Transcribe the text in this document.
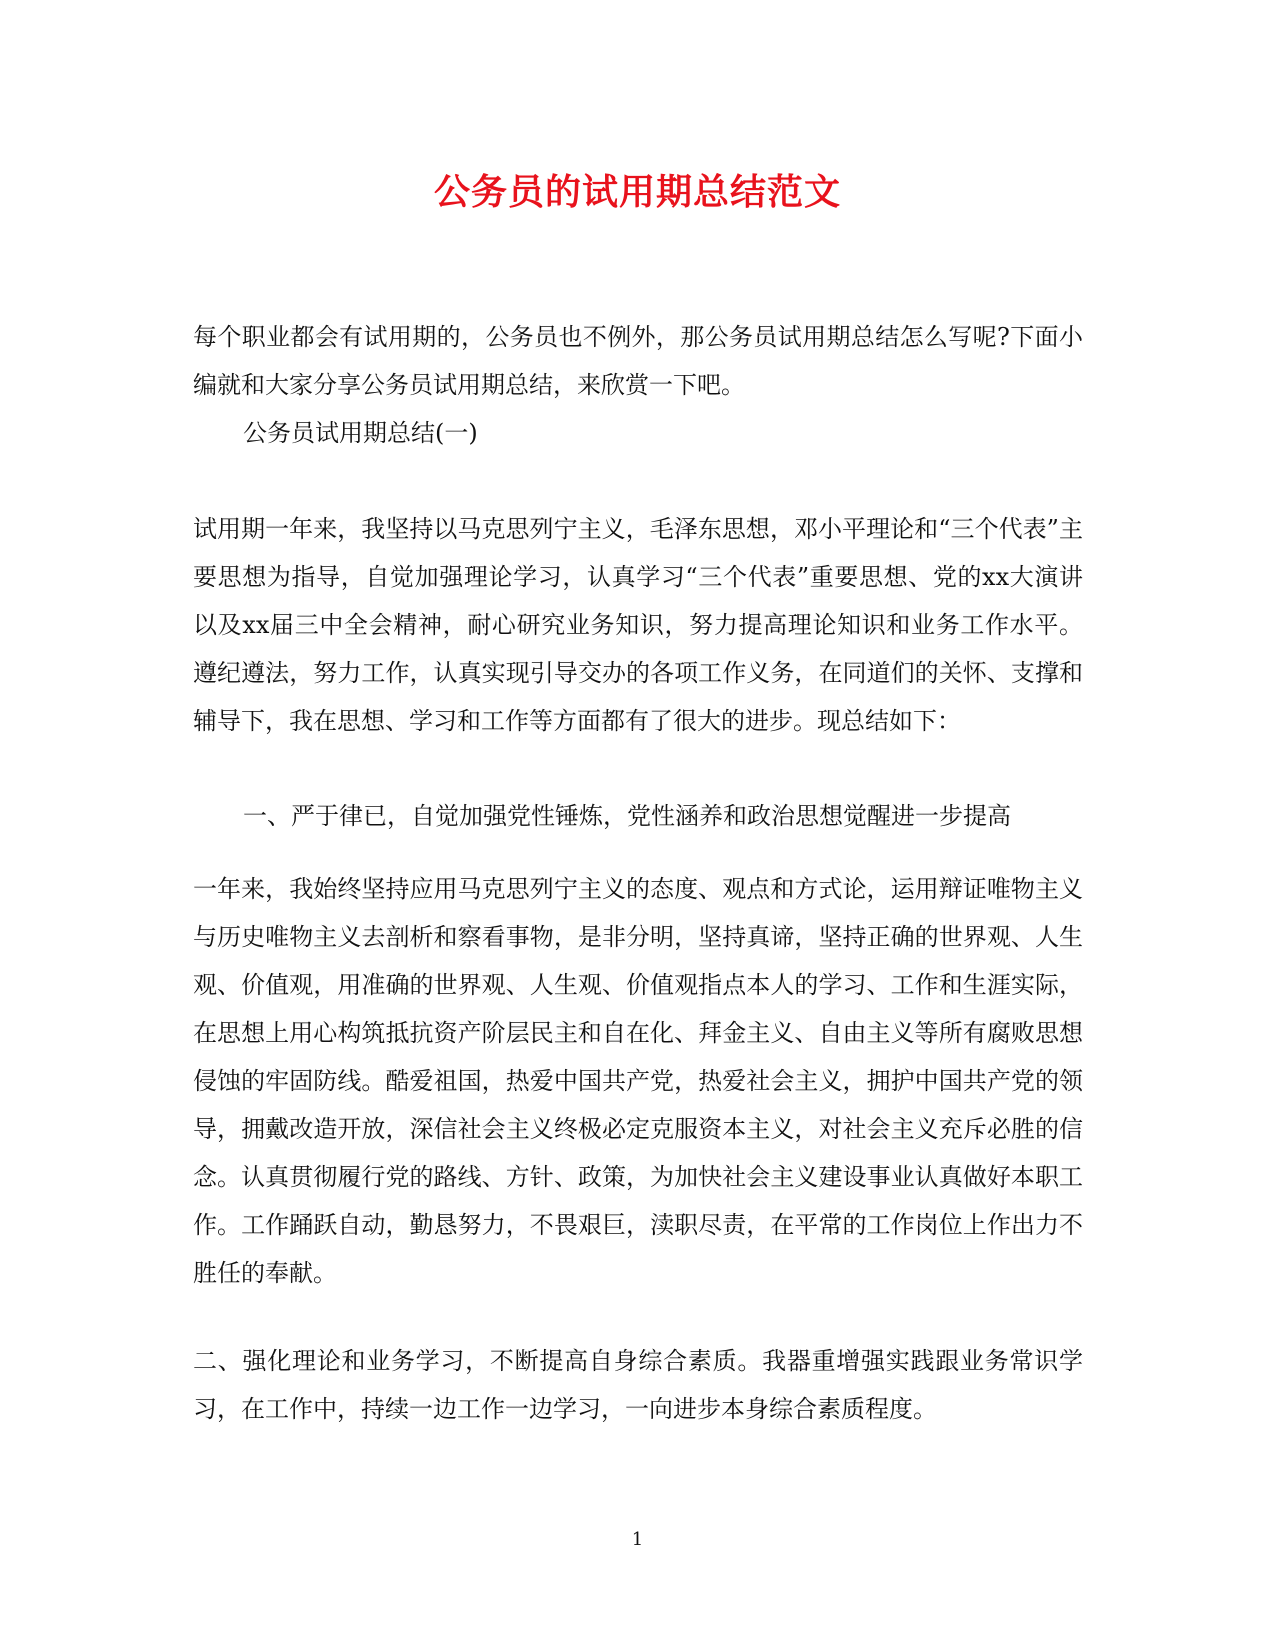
公务员的试用期总结范文

每个职业都会有试用期的，公务员也不例外，那公务员试用期总结怎么写呢?下面小编就和大家分享公务员试用期总结，来欣赏一下吧。

公务员试用期总结(一)

试用期一年来，我坚持以马克思列宁主义，毛泽东思想，邓小平理论和“三个代表”主要思想为指导，自觉加强理论学习，认真学习“三个代表”重要思想、党的xx大演讲以及xx届三中全会精神，耐心研究业务知识，努力提高理论知识和业务工作水平。遵纪遵法，努力工作，认真实现引导交办的各项工作义务，在同道们的关怀、支撑和辅导下，我在思想、学习和工作等方面都有了很大的进步。现总结如下：

一、严于律已，自觉加强党性锤炼，党性涵养和政治思想觉醒进一步提高

一年来，我始终坚持应用马克思列宁主义的态度、观点和方式论，运用辩证唯物主义与历史唯物主义去剖析和察看事物，是非分明，坚持真谛，坚持正确的世界观、人生观、价值观，用准确的世界观、人生观、价值观指点本人的学习、工作和生涯实际，在思想上用心构筑抵抗资产阶层民主和自在化、拜金主义、自由主义等所有腐败思想侵蚀的牢固防线。酷爱祖国，热爱中国共产党，热爱社会主义，拥护中国共产党的领导，拥戴改造开放，深信社会主义终极必定克服资本主义，对社会主义充斥必胜的信念。认真贯彻履行党的路线、方针、政策，为加快社会主义建设事业认真做好本职工作。工作踊跃自动，勤恳努力，不畏艰巨，渎职尽责，在平常的工作岗位上作出力不胜任的奉献。

二、强化理论和业务学习，不断提高自身综合素质。我器重增强实践跟业务常识学习，在工作中，持续一边工作一边学习，一向进步本身综合素质程度。

1
